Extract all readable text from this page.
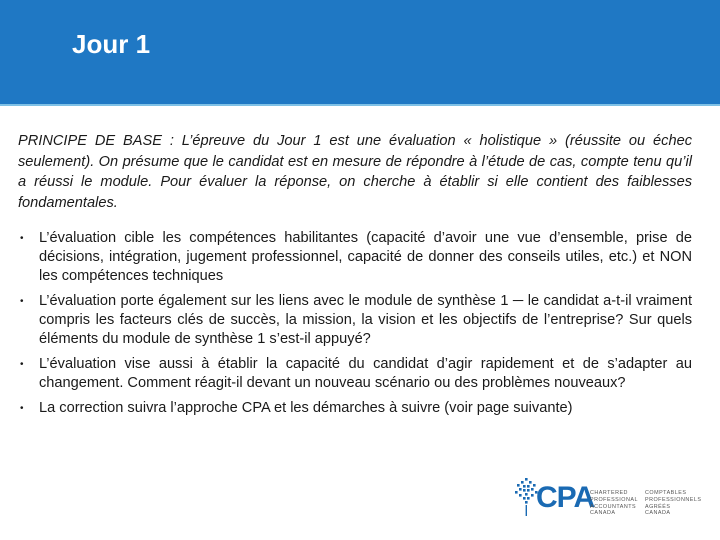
Jour 1

PRINCIPE DE BASE : L’épreuve du Jour 1 est une évaluation « holistique » (réussite ou échec seulement). On présume que le candidat est en mesure de répondre à l’étude de cas, compte tenu qu’il a réussi le module. Pour évaluer la réponse, on cherche à établir si elle contient des faiblesses fondamentales.

• L’évaluation cible les compétences habilitantes (capacité d’avoir une vue d’ensemble, prise de décisions, intégration, jugement professionnel, capacité de donner des conseils utiles, etc.) et NON les compétences techniques
• L’évaluation porte également sur les liens avec le module de synthèse 1 ─ le candidat a-t-il vraiment compris les facteurs clés de succès, la mission, la vision et les objectifs de l’entreprise? Sur quels éléments du module de synthèse 1 s’est-il appuyé?
• L’évaluation vise aussi à établir la capacité du candidat d’agir rapidement et de s’adapter au changement. Comment réagit-il devant un nouveau scénario ou des problèmes nouveaux?
• La correction suivra l’approche CPA et les démarches à suivre (voir page suivante)
CPA
CHARTERED
PROFESSIONAL
ACCOUNTANTS
CANADA
COMPTABLES
PROFESSIONNELS
AGRÉÉS
CANADA
